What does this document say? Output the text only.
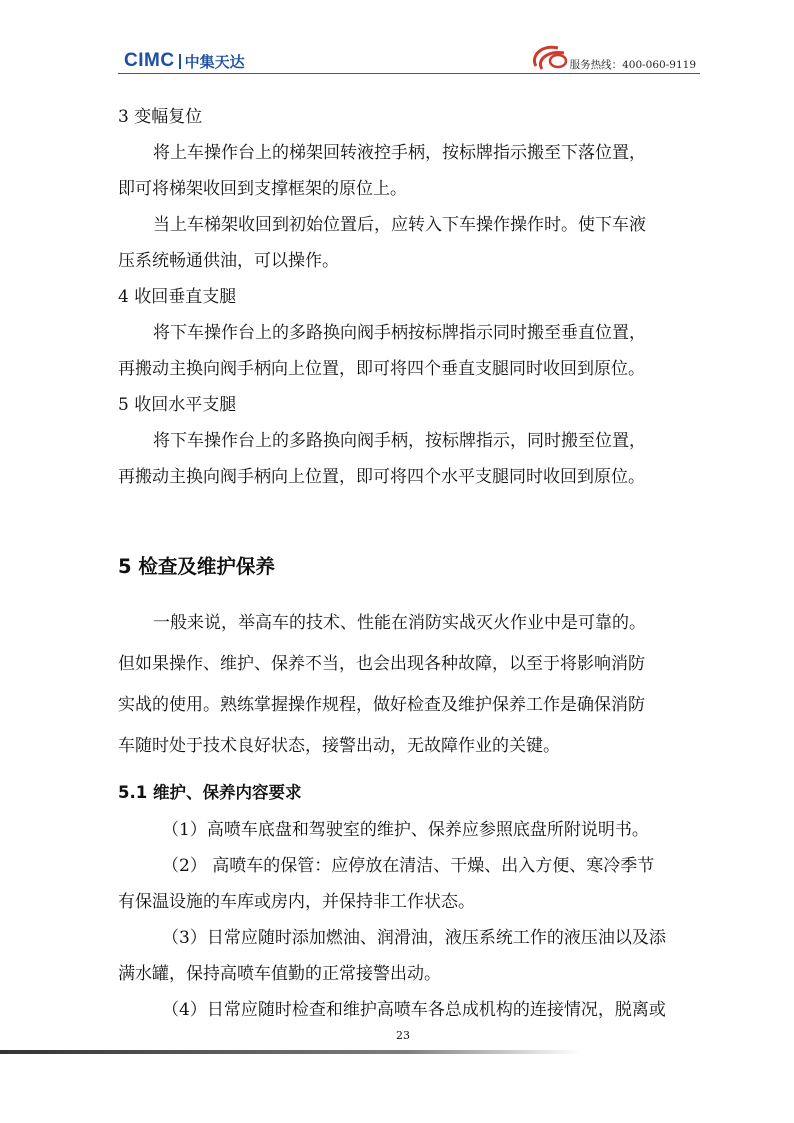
CIMC 中集天达	服务热线：400-060-9119

3 变幅复位

将上车操作台上的梯架回转液控手柄，按标牌指示搬至下落位置，

即可将梯架收回到支撑框架的原位上。

当上车梯架收回到初始位置后，应转入下车操作操作时。使下车液

压系统畅通供油，可以操作。

4 收回垂直支腿

将下车操作台上的多路换向阀手柄按标牌指示同时搬至垂直位置，

再搬动主换向阀手柄向上位置，即可将四个垂直支腿同时收回到原位。

5 收回水平支腿

将下车操作台上的多路换向阀手柄，按标牌指示，同时搬至位置，

再搬动主换向阀手柄向上位置，即可将四个水平支腿同时收回到原位。

5 检查及维护保养

一般来说，举高车的技术、性能在消防实战灭火作业中是可靠的。

但如果操作、维护、保养不当，也会出现各种故障，以至于将影响消防

实战的使用。熟练掌握操作规程，做好检查及维护保养工作是确保消防

车随时处于技术良好状态，接警出动，无故障作业的关键。

5.1 维护、保养内容要求

（1）高喷车底盘和驾驶室的维护、保养应参照底盘所附说明书。

（2） 高喷车的保管：应停放在清洁、干燥、出入方便、寒冷季节

有保温设施的车库或房内，并保持非工作状态。

（3）日常应随时添加燃油、润滑油，液压系统工作的液压油以及添

满水罐，保持高喷车值勤的正常接警出动。

（4）日常应随时检查和维护高喷车各总成机构的连接情况，脱离或

23
